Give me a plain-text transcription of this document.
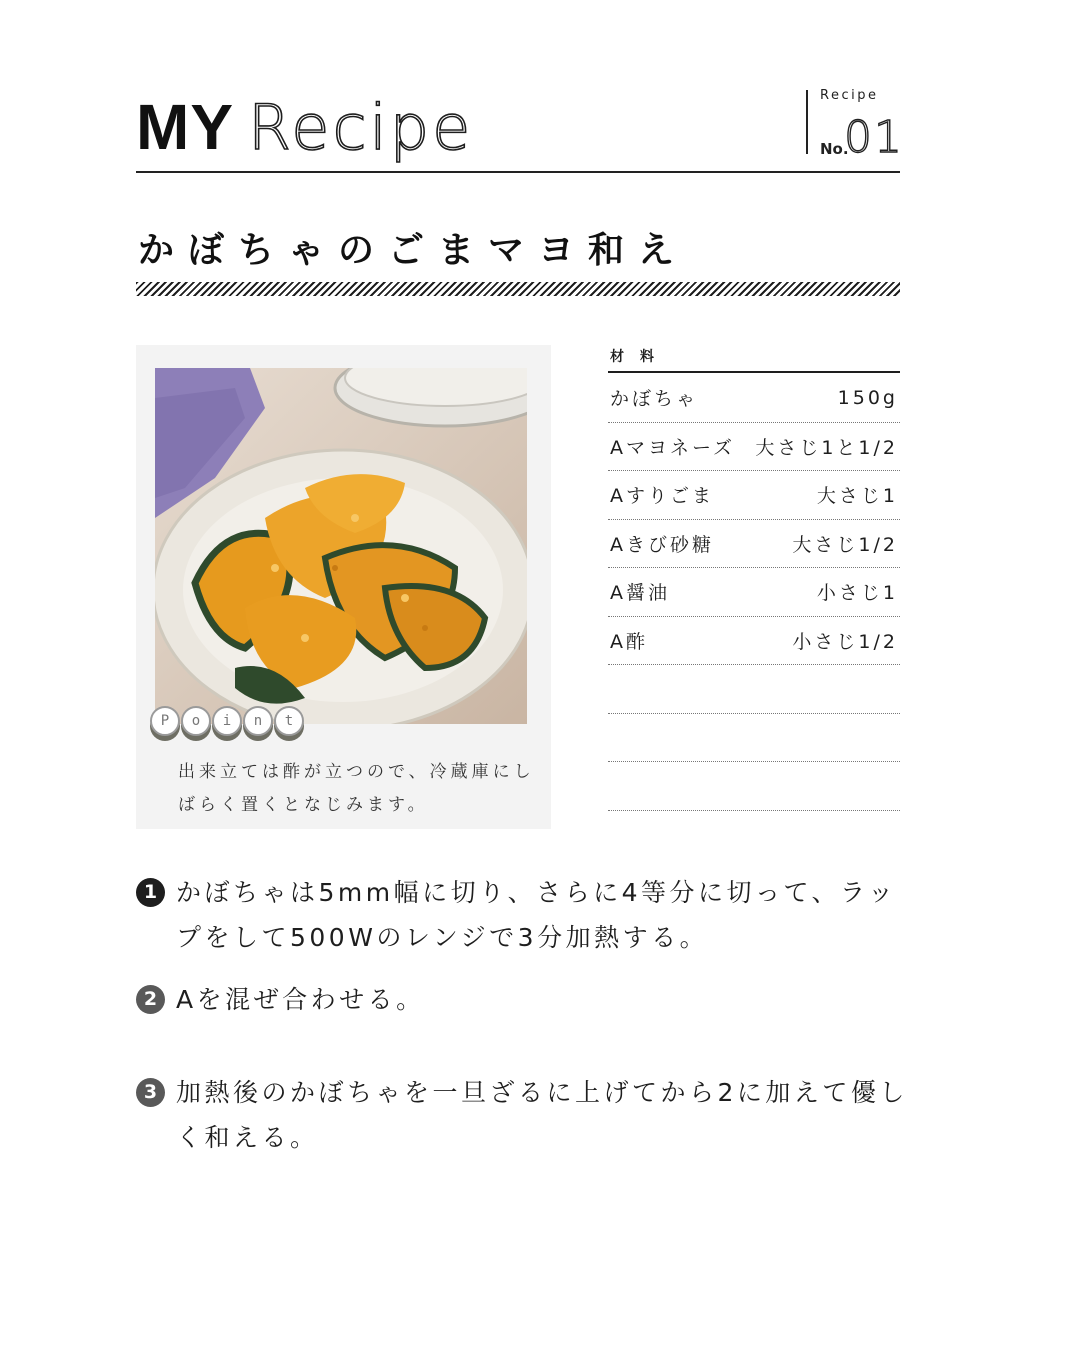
MY Recipe	Recipe
No.
01
かぼちゃのごまマヨ和え
P	o	i	n	t
出来立ては酢が立つので、冷蔵庫にしばらく置くとなじみます。
材料
かぼちゃ	150g
Aマヨネーズ 大さじ1と1/2
Aすりごま	大さじ1
Aきび砂糖	大さじ1/2
A醤油	小さじ1
A酢	小さじ1/2
1 かぼちゃは5mm幅に切り、さらに4等分に切って、ラップをして500Wのレンジで3分加熱する。
2 Aを混ぜ合わせる。
3 加熱後のかぼちゃを一旦ざるに上げてから2に加えて優しく和える。
